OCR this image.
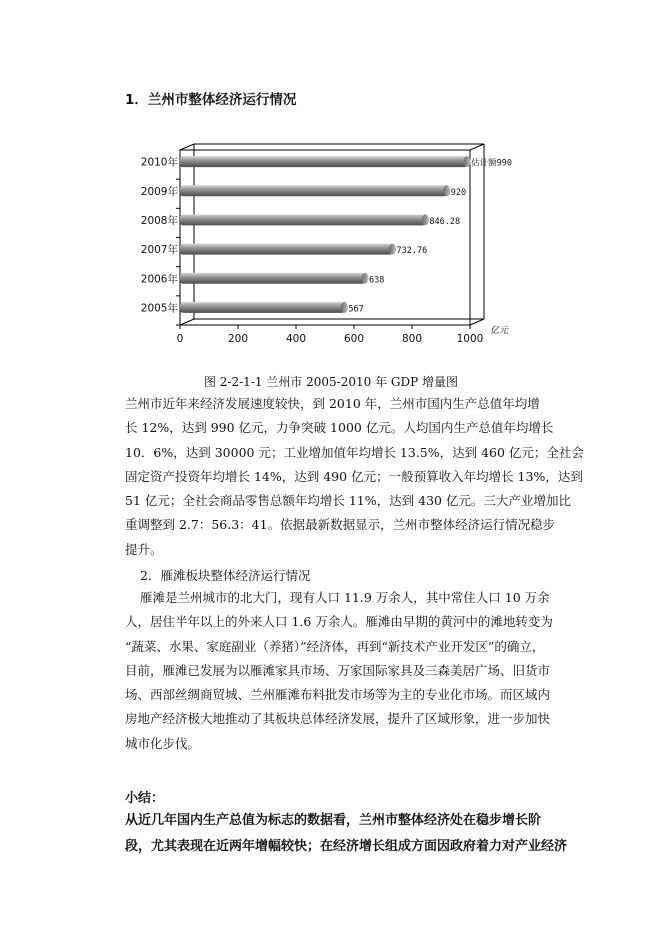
1．兰州市整体经济运行情况
0	200	400	600	800	1000
亿元
2005年	567
2006年	638
2007年	732.76
2008年	846.28
2009年	920
2010年	估计额990
图 2-2-1-1 兰州市 2005-2010 年 GDP 增量图
兰州市近年来经济发展速度较快，到 2010 年，兰州市国内生产总值年均增
长 12%，达到 990 亿元，力争突破 1000 亿元。人均国内生产总值年均增长
10．6%，达到 30000 元；工业增加值年均增长 13.5%，达到 460 亿元；全社会
固定资产投资年均增长 14%，达到 490 亿元；一般预算收入年均增长 13%，达到
51 亿元；全社会商品零售总额年均增长 11%，达到 430 亿元。三大产业增加比
重调整到 2.7：56.3：41。依据最新数据显示，兰州市整体经济运行情况稳步
提升。
2．雁滩板块整体经济运行情况
雁滩是兰州城市的北大门，现有人口 11.9 万余人，其中常住人口 10 万余
人，居住半年以上的外来人口 1.6 万余人。雁滩由早期的黄河中的滩地转变为
“蔬菜、水果、家庭副业（养猪）”经济体，再到“新技术产业开发区”的确立，
目前，雁滩已发展为以雁滩家具市场、万家国际家具及三森美居广场、旧货市
场、西部丝绸商贸城、兰州雁滩布料批发市场等为主的专业化市场。而区域内
房地产经济极大地推动了其板块总体经济发展，提升了区域形象，进一步加快
城市化步伐。
小结：
从近几年国内生产总值为标志的数据看，兰州市整体经济处在稳步增长阶
段，尤其表现在近两年增幅较快；在经济增长组成方面因政府着力对产业经济
